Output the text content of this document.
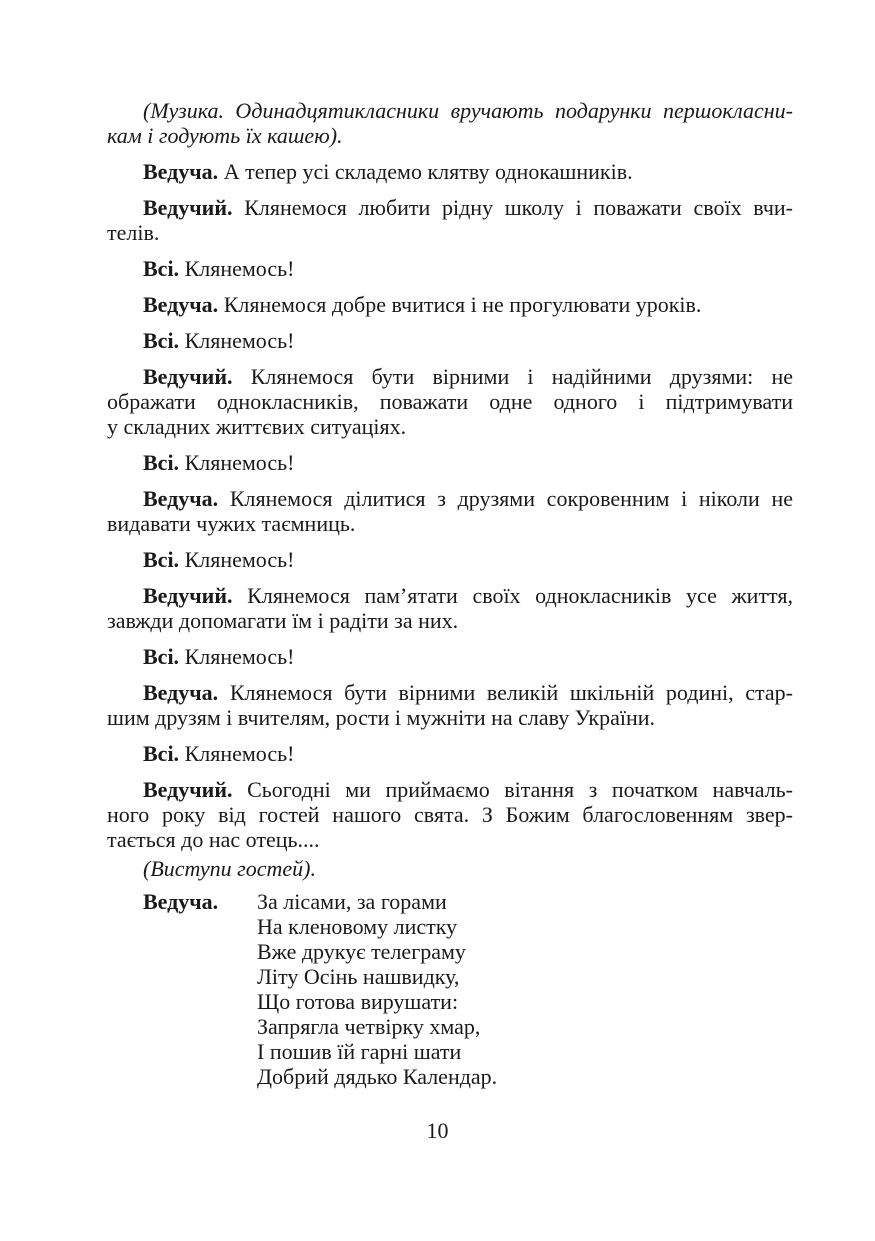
(Музика. Одинадцятикласники вручають подарунки першокласни-
кам і годують їх кашею).

Ведуча. А тепер усі складемо клятву однокашників.

Ведучий. Клянемося любити рідну школу і поважати своїх вчи-
телів.

Всі. Клянемось!

Ведуча. Клянемося добре вчитися і не прогулювати уроків.

Всі. Клянемось!

Ведучий. Клянемося бути вірними і надійними друзями: не
ображати однокласників, поважати одне одного і підтримувати
у складних життєвих ситуаціях.

Всі. Клянемось!

Ведуча. Клянемося ділитися з друзями сокровенним і ніколи не
видавати чужих таємниць.

Всі. Клянемось!

Ведучий. Клянемося пам’ятати своїх однокласників усе життя,
завжди допомагати їм і радіти за них.

Всі. Клянемось!

Ведуча. Клянемося бути вірними великій шкільній родині, стар-
шим друзям і вчителям, рости і мужніти на славу України.

Всі. Клянемось!

Ведучий. Сьогодні ми приймаємо вітання з початком навчаль-
ного року від гостей нашого свята. З Божим благословенням звер-
тається до нас отець....

(Виступи гостей).

Ведуча. За лісами, за горами
На кленовому листку
Вже друкує телеграму
Літу Осінь нашвидку,
Що готова вирушати:
Запрягла четвірку хмар,
І пошив їй гарні шати
Добрий дядько Календар.
10
